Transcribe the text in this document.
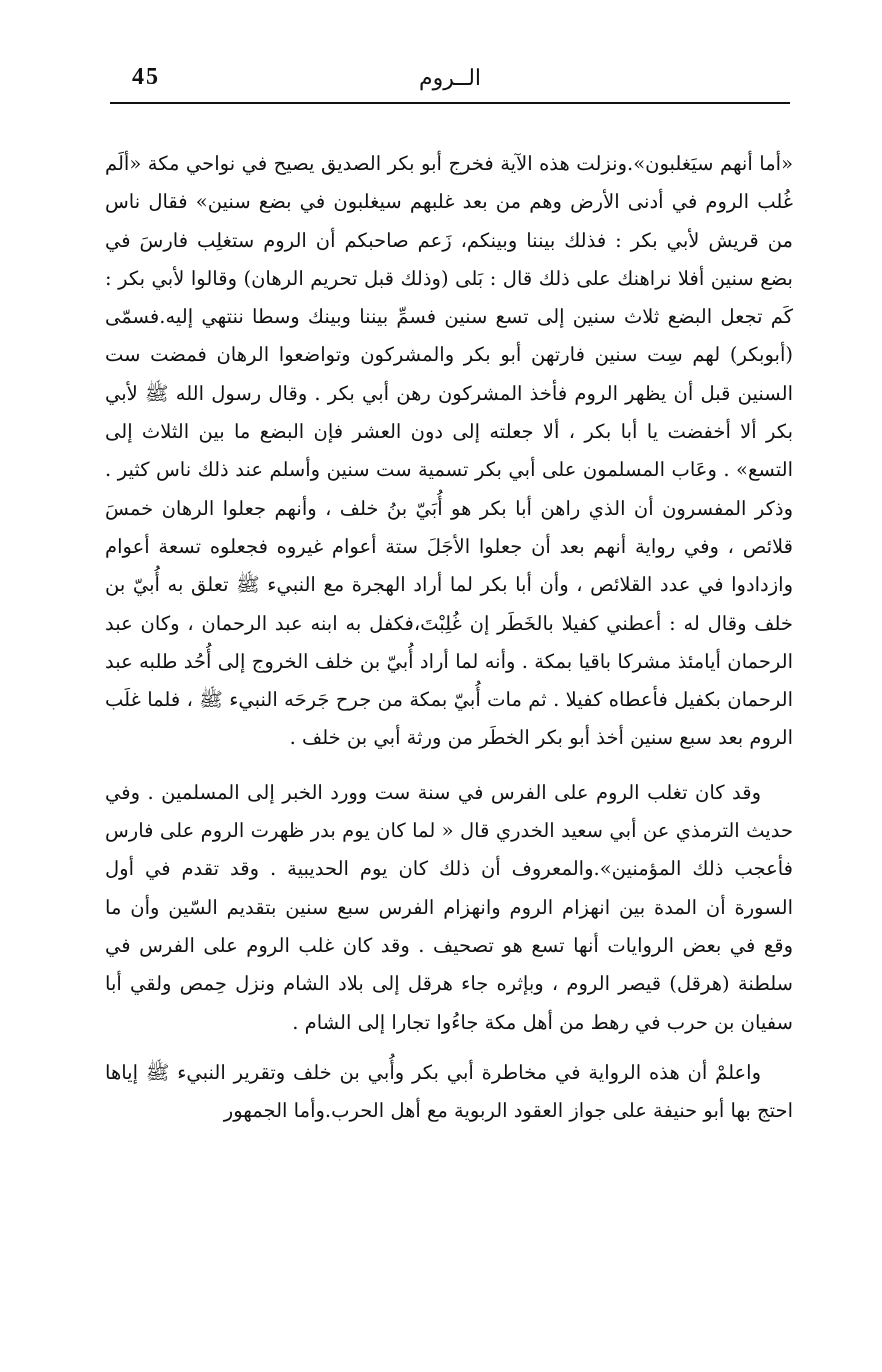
45	الــروم

«أما أنهم سيَغلبون».ونزلت هذه الآية فخرج أبو بكر الصديق يصيح في نواحي مكة «ألَم غُلب الروم في أدنى الأرض وهم من بعد غلبهم سيغلبون في بضع سنين» فقال ناس من قريش لأبي بكر : فذلك بيننا وبينكم، زَعم صاحبكم أن الروم ستغلِب فارسَ في بضع سنين أفلا نراهنك على ذلك قال : بَلى (وذلك قبل تحريم الرهان) وقالوا لأبي بكر : كَم تجعل البضع ثلاث سنين إلى تسع سنين فسمِّ بيننا وبينك وسطا ننتهي إليه.فسمّى (أبوبكر) لهم سِت سنين فارتهن أبو بكر والمشركون وتواضعوا الرهان فمضت ست السنين قبل أن يظهر الروم فأخذ المشركون رهن أبي بكر . وقال رسول الله ﷺ لأبي بكر ألا أخفضت يا أبا بكر ، ألا جعلته إلى دون العشر فإن البضع ما بين الثلاث إلى التسع» . وعَاب المسلمون على أبي بكر تسمية ست سنين وأسلم عند ذلك ناس كثير . وذكر المفسرون أن الذي راهن أبا بكر هو أُبَيّ بنُ خلف ، وأنهم جعلوا الرهان خمسَ قلائص ، وفي رواية أنهم بعد أن جعلوا الأجَلَ ستة أعوام غيروه فجعلوه تسعة أعوام وازدادوا في عدد القلائص ، وأن أبا بكر لما أراد الهجرة مع النبيء ﷺ تعلق به أُبيّ بن خلف وقال له : أعطني كفيلا بالخَطَر إن غُلِبْتَ،فكفل به ابنه عبد الرحمان ، وكان عبد الرحمان أيامئذ مشركا باقيا بمكة . وأنه لما أراد أُبيّ بن خلف الخروج إلى أُحُد طلبه عبد الرحمان بكفيل فأعطاه كفيلا . ثم مات أُبيّ بمكة من جرح جَرحَه النبيء ﷺ ، فلما غلَب الروم بعد سبع سنين أخذ أبو بكر الخطَر من ورثة أبي بن خلف .

وقد كان تغلب الروم على الفرس في سنة ست وورد الخبر إلى المسلمين . وفي حديث الترمذي عن أبي سعيد الخدري قال « لما كان يوم بدر ظهرت الروم على فارس فأعجب ذلك المؤمنين».والمعروف أن ذلك كان يوم الحديبية . وقد تقدم في أول السورة أن المدة بين انهزام الروم وانهزام الفرس سبع سنين بتقديم السّين وأن ما وقع في بعض الروايات أنها تسع هو تصحيف . وقد كان غلب الروم على الفرس في سلطنة (هرقل) قيصر الروم ، وبإثره جاء هرقل إلى بلاد الشام ونزل حِمص ولقي أبا سفيان بن حرب في رهط من أهل مكة جاءُوا تجارا إلى الشام .

واعلمْ أن هذه الرواية في مخاطرة أبي بكر وأُبي بن خلف وتقرير النبيء ﷺ إياها احتج بها أبو حنيفة على جواز العقود الربوية مع أهل الحرب.وأما الجمهور
